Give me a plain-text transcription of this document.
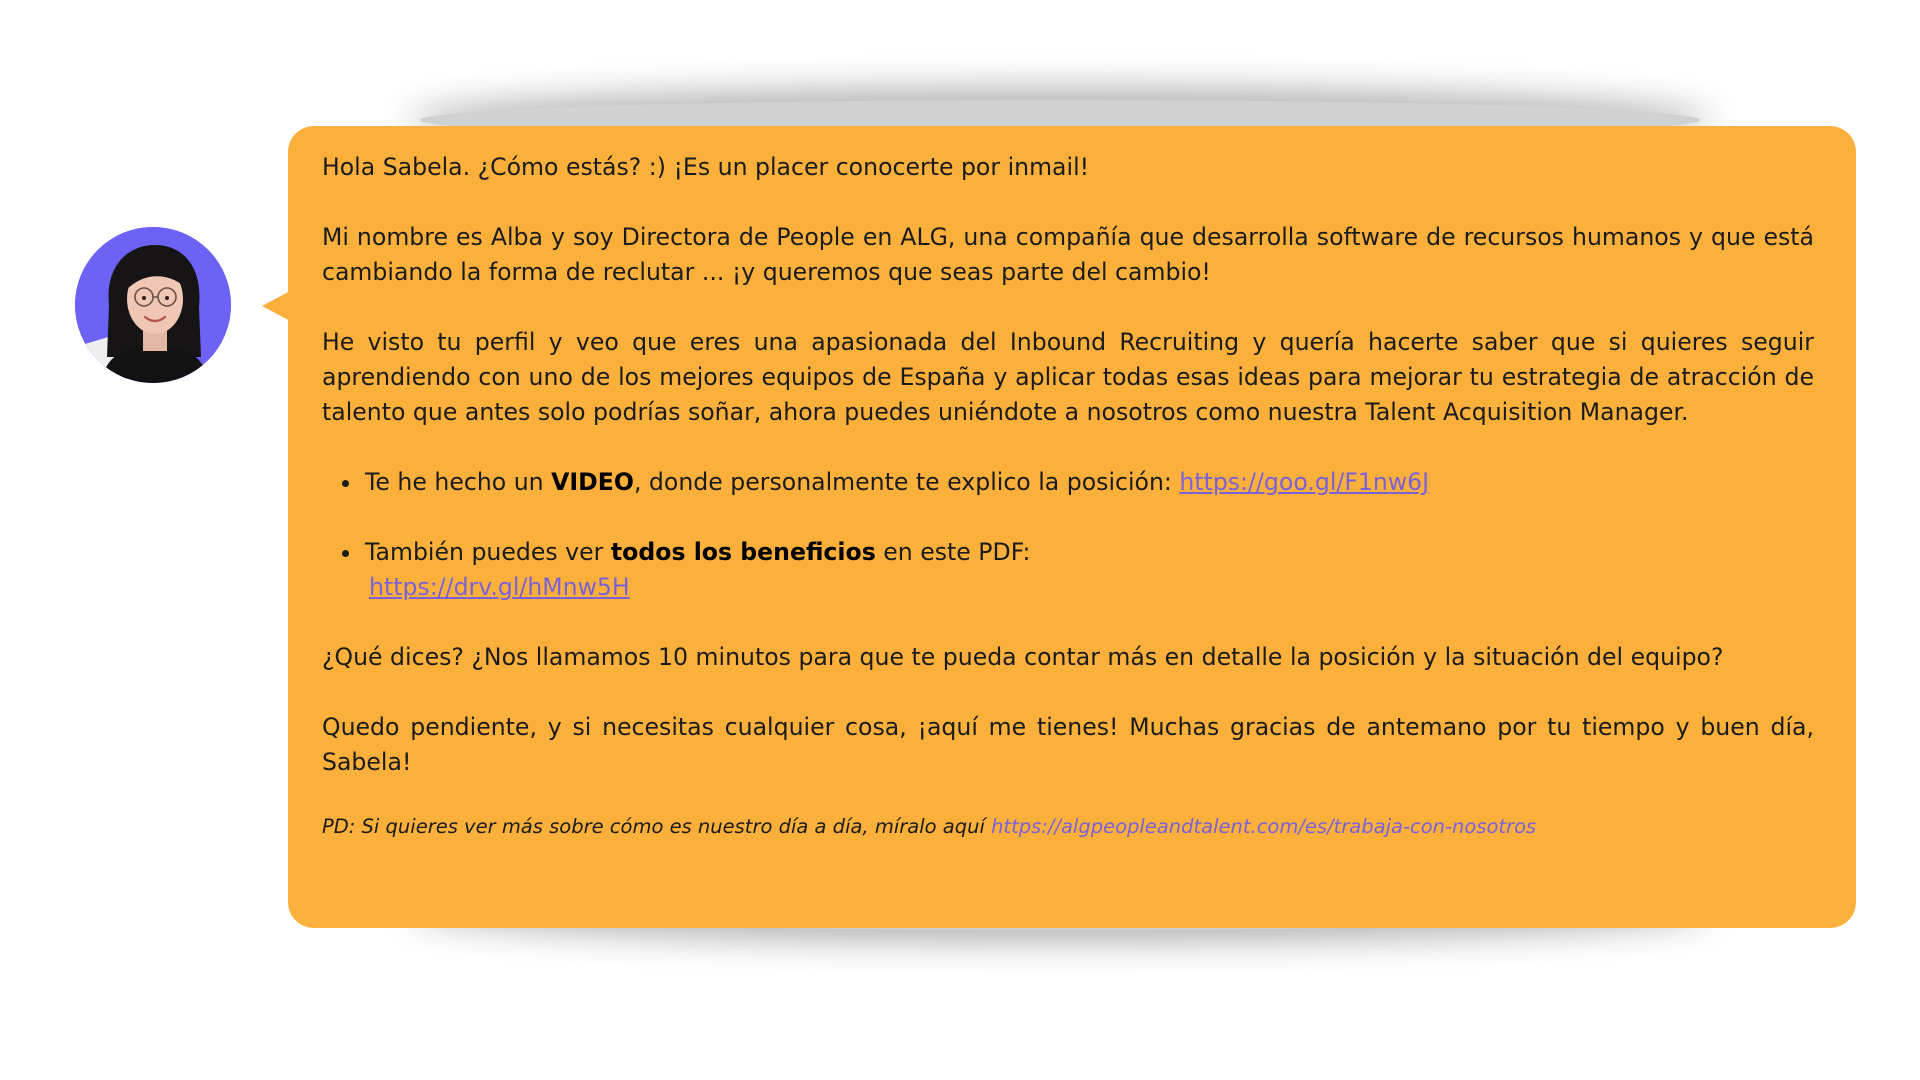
Hola Sabela. ¿Cómo estás? :) ¡Es un placer conocerte por inmail!

Mi nombre es Alba y soy Directora de People en ALG, una compañía que desarrolla software de recursos humanos y que está cambiando la forma de reclutar ... ¡y queremos que seas parte del cambio!

He visto tu perfil y veo que eres una apasionada del Inbound Recruiting y quería hacerte saber que si quieres seguir aprendiendo con uno de los mejores equipos de España y aplicar todas esas ideas para mejorar tu estrategia de atracción de talento que antes solo podrías soñar, ahora puedes uniéndote a nosotros como nuestra Talent Acquisition Manager.

Te he hecho un VIDEO, donde personalmente te explico la posición: https://goo.gl/F1nw6J
También puedes ver todos los beneficios en este PDF:
https://drv.gl/hMnw5H

¿Qué dices? ¿Nos llamamos 10 minutos para que te pueda contar más en detalle la posición y la situación del equipo?

Quedo pendiente, y si necesitas cualquier cosa, ¡aquí me tienes! Muchas gracias de antemano por tu tiempo y buen día, Sabela!

PD: Si quieres ver más sobre cómo es nuestro día a día, míralo aquí https://algpeopleandtalent.com/es/trabaja-con-nosotros
